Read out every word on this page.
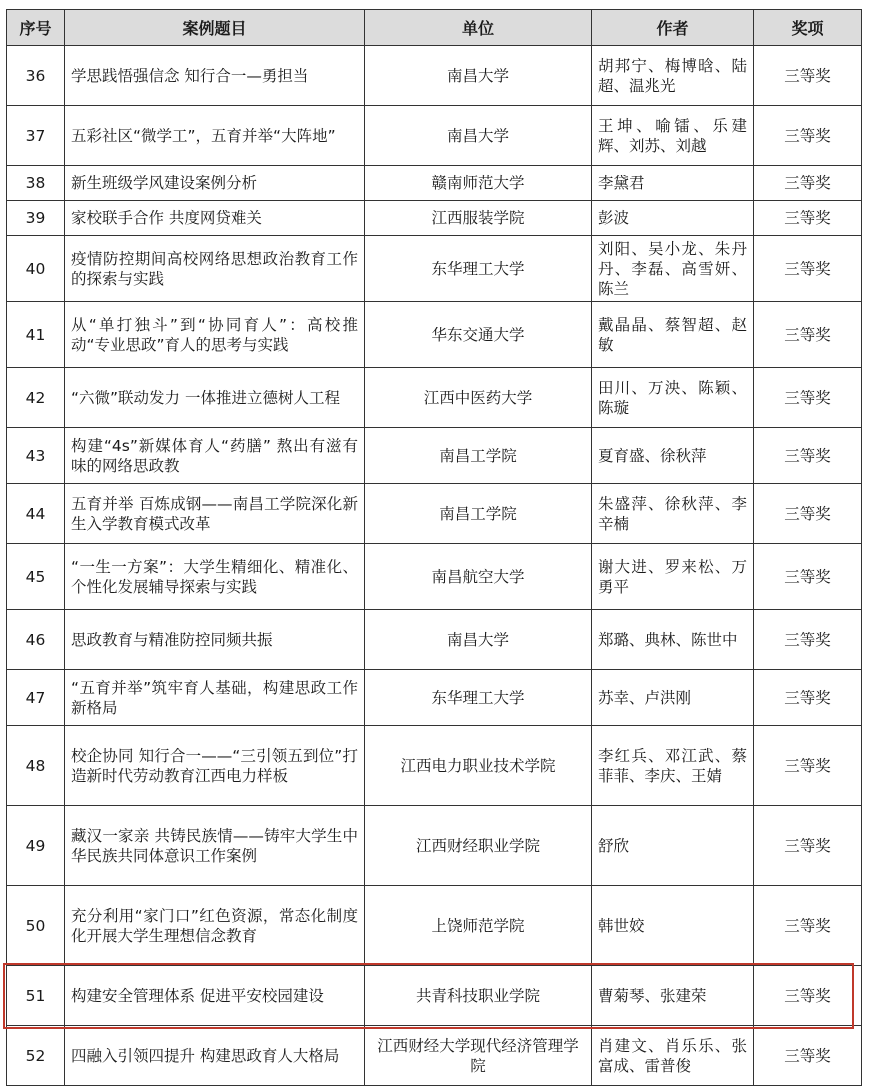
序号	案例题目	单位	作者	奖项
36	学思践悟强信念 知行合一—勇担当	南昌大学	胡邦宁、梅博晗、陆超、温兆光	三等奖
37	五彩社区“微学工”，五育并举“大阵地”	南昌大学	王坤、喻镭、乐建辉、刘苏、刘越	三等奖
38	新生班级学风建设案例分析	赣南师范大学	李黛君	三等奖
39	家校联手合作 共度网贷难关	江西服装学院	彭波	三等奖
40	疫情防控期间高校网络思想政治教育工作的探索与实践	东华理工大学	刘阳、吴小龙、朱丹丹、李磊、高雪妍、陈兰	三等奖
41	从“单打独斗”到“协同育人”：高校推动“专业思政”育人的思考与实践	华东交通大学	戴晶晶、蔡智超、赵敏	三等奖
42	“六微”联动发力 一体推进立德树人工程	江西中医药大学	田川、万泱、陈颖、陈璇	三等奖
43	构建“4s”新媒体育人“药膳” 熬出有滋有味的网络思政教	南昌工学院	夏育盛、徐秋萍	三等奖
44	五育并举 百炼成钢——南昌工学院深化新生入学教育模式改革	南昌工学院	朱盛萍、徐秋萍、李辛楠	三等奖
45	“一生一方案”：大学生精细化、精准化、个性化发展辅导探索与实践	南昌航空大学	谢大进、罗来松、万勇平	三等奖
46	思政教育与精准防控同频共振	南昌大学	郑璐、典林、陈世中	三等奖
47	“五育并举”筑牢育人基础，构建思政工作新格局	东华理工大学	苏幸、卢洪刚	三等奖
48	校企协同 知行合一——“三引领五到位”打造新时代劳动教育江西电力样板	江西电力职业技术学院	李红兵、邓江武、蔡菲菲、李庆、王婧	三等奖
49	藏汉一家亲 共铸民族情——铸牢大学生中华民族共同体意识工作案例	江西财经职业学院	舒欣	三等奖
50	充分利用“家门口”红色资源，常态化制度化开展大学生理想信念教育	上饶师范学院	韩世姣	三等奖
51	构建安全管理体系 促进平安校园建设	共青科技职业学院	曹菊琴、张建荣	三等奖
52	四融入引领四提升 构建思政育人大格局	江西财经大学现代经济管理学院	肖建文、肖乐乐、张富成、雷普俊	三等奖
